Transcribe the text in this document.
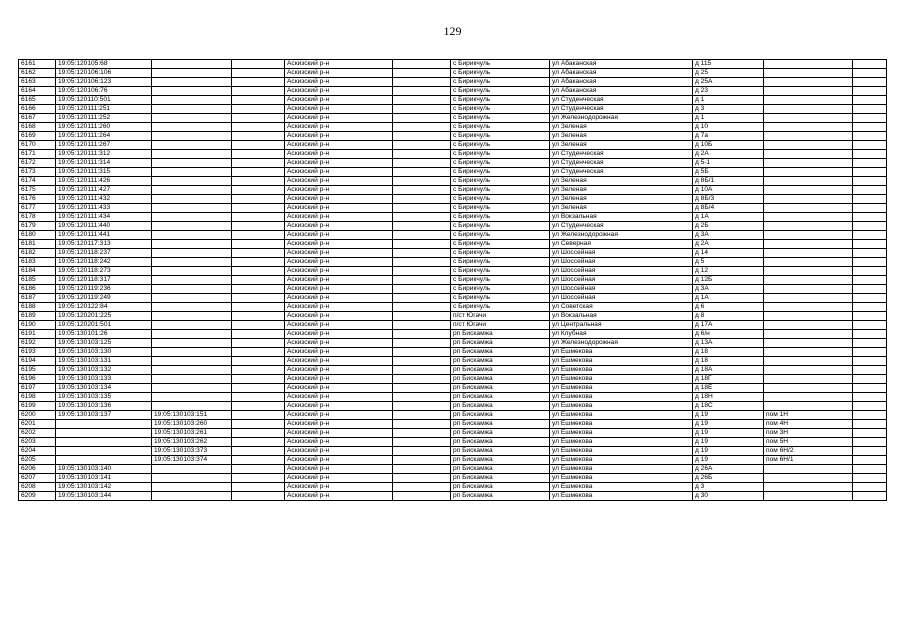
129
6161	19:05:120105:68			Аскизский р-н		с Бирикчуль	ул Абаканская	д 115		
6162	19:05:120106:106			Аскизский р-н		с Бирикчуль	ул Абаканская	д 25		
6163	19:05:120106:123			Аскизский р-н		с Бирикчуль	ул Абаканская	д 25А		
6164	19:05:120106:76			Аскизский р-н		с Бирикчуль	ул Абаканская	д 23		
6165	19:05:120110:501			Аскизский р-н		с Бирикчуль	ул Студенческая	д 1		
6166	19:05:120111:251			Аскизский р-н		с Бирикчуль	ул Студенческая	д 3		
6167	19:05:120111:252			Аскизский р-н		с Бирикчуль	ул Железнодорожная	д 1		
6168	19:05:120111:260			Аскизский р-н		с Бирикчуль	ул Зеленая	д 10		
6169	19:05:120111:264			Аскизский р-н		с Бирикчуль	ул Зеленая	д 7а		
6170	19:05:120111:267			Аскизский р-н		с Бирикчуль	ул Зеленая	д 10Б		
6171	19:05:120111:312			Аскизский р-н		с Бирикчуль	ул Студенческая	д 2А		
6172	19:05:120111:314			Аскизский р-н		с Бирикчуль	ул Студенческая	д 5-1		
6173	19:05:120111:315			Аскизский р-н		с Бирикчуль	ул Студенческая	д 5Б		
6174	19:05:120111:426			Аскизский р-н		с Бирикчуль	ул Зеленая	д 8Б/1		
6175	19:05:120111:427			Аскизский р-н		с Бирикчуль	ул Зеленая	д 10А		
6176	19:05:120111:432			Аскизский р-н		с Бирикчуль	ул Зеленая	д 8Б/3		
6177	19:05:120111:433			Аскизский р-н		с Бирикчуль	ул Зеленая	д 8Б/4		
6178	19:05:120111:434			Аскизский р-н		с Бирикчуль	ул Вокзальная	д 1А		
6179	19:05:120111:440			Аскизский р-н		с Бирикчуль	ул Студенческая	д 2Б		
6180	19:05:120111:441			Аскизский р-н		с Бирикчуль	ул Железнодорожная	д 3А		
6181	19:05:120117:313			Аскизский р-н		с Бирикчуль	ул Северная	д 2А		
6182	19:05:120118:237			Аскизский р-н		с Бирикчуль	ул Шоссейная	д 14		
6183	19:05:120118:242			Аскизский р-н		с Бирикчуль	ул Шоссейная	д 5		
6184	19:05:120118:273			Аскизский р-н		с Бирикчуль	ул Шоссейная	д 12		
6185	19:05:120118:317			Аскизский р-н		с Бирикчуль	ул Шоссейная	д 12Б		
6186	19:05:120119:236			Аскизский р-н		с Бирикчуль	ул Шоссейная	д 3А		
6187	19:05:120119:249			Аскизский р-н		с Бирикчуль	ул Шоссейная	д 1А		
6188	19:05:120122:84			Аскизский р-н		с Бирикчуль	ул Советская	д 6		
6189	19:05:120201:225			Аскизский р-н		п/ст Югачи	ул Вокзальная	д 8		
6190	19:05:120201:501			Аскизский р-н		п/ст Югачи	ул Центральная	д 17А		
6191	19:05:130101:26			Аскизский р-н		рп Бискамжа	ул Клубная	д 6/н		
6192	19:05:130103:125			Аскизский р-н		рп Бискамжа	ул Железнодорожная	д 13А		
6193	19:05:130103:130			Аскизский р-н		рп Бискамжа	ул Ешмекова	д 18		
6194	19:05:130103:131			Аскизский р-н		рп Бискамжа	ул Ешмекова	д 18		
6195	19:05:130103:132			Аскизский р-н		рп Бискамжа	ул Ешмекова	д 18А		
6196	19:05:130103:133			Аскизский р-н		рп Бискамжа	ул Ешмекова	д 18Г		
6197	19:05:130103:134			Аскизский р-н		рп Бискамжа	ул Ешмекова	д 18Е		
6198	19:05:130103:135			Аскизский р-н		рп Бискамжа	ул Ешмекова	д 18Н		
6199	19:05:130103:136			Аскизский р-н		рп Бискамжа	ул Ешмекова	д 18С		
6200	19:05:130103:137	19:05:130103:151		Аскизский р-н		рп Бискамжа	ул Ешмекова	д 19	пом 1Н	
6201		19:05:130103:260		Аскизский р-н		рп Бискамжа	ул Ешмекова	д 19	пом 4Н	
6202		19:05:130103:261		Аскизский р-н		рп Бискамжа	ул Ешмекова	д 19	пом 3Н	
6203		19:05:130103:262		Аскизский р-н		рп Бискамжа	ул Ешмекова	д 19	пом 5Н	
6204		19:05:130103:373		Аскизский р-н		рп Бискамжа	ул Ешмекова	д 19	пом 6Н/2	
6205		19:05:130103:374		Аскизский р-н		рп Бискамжа	ул Ешмекова	д 19	пом 6Н/1	
6206	19:05:130103:140			Аскизский р-н		рп Бискамжа	ул Ешмекова	д 26А		
6207	19:05:130103:141			Аскизский р-н		рп Бискамжа	ул Ешмекова	д 26Б		
6208	19:05:130103:142			Аскизский р-н		рп Бискамжа	ул Ешмекова	д 3		
6209	19:05:130103:144			Аскизский р-н		рп Бискамжа	ул Ешмекова	д 30		
